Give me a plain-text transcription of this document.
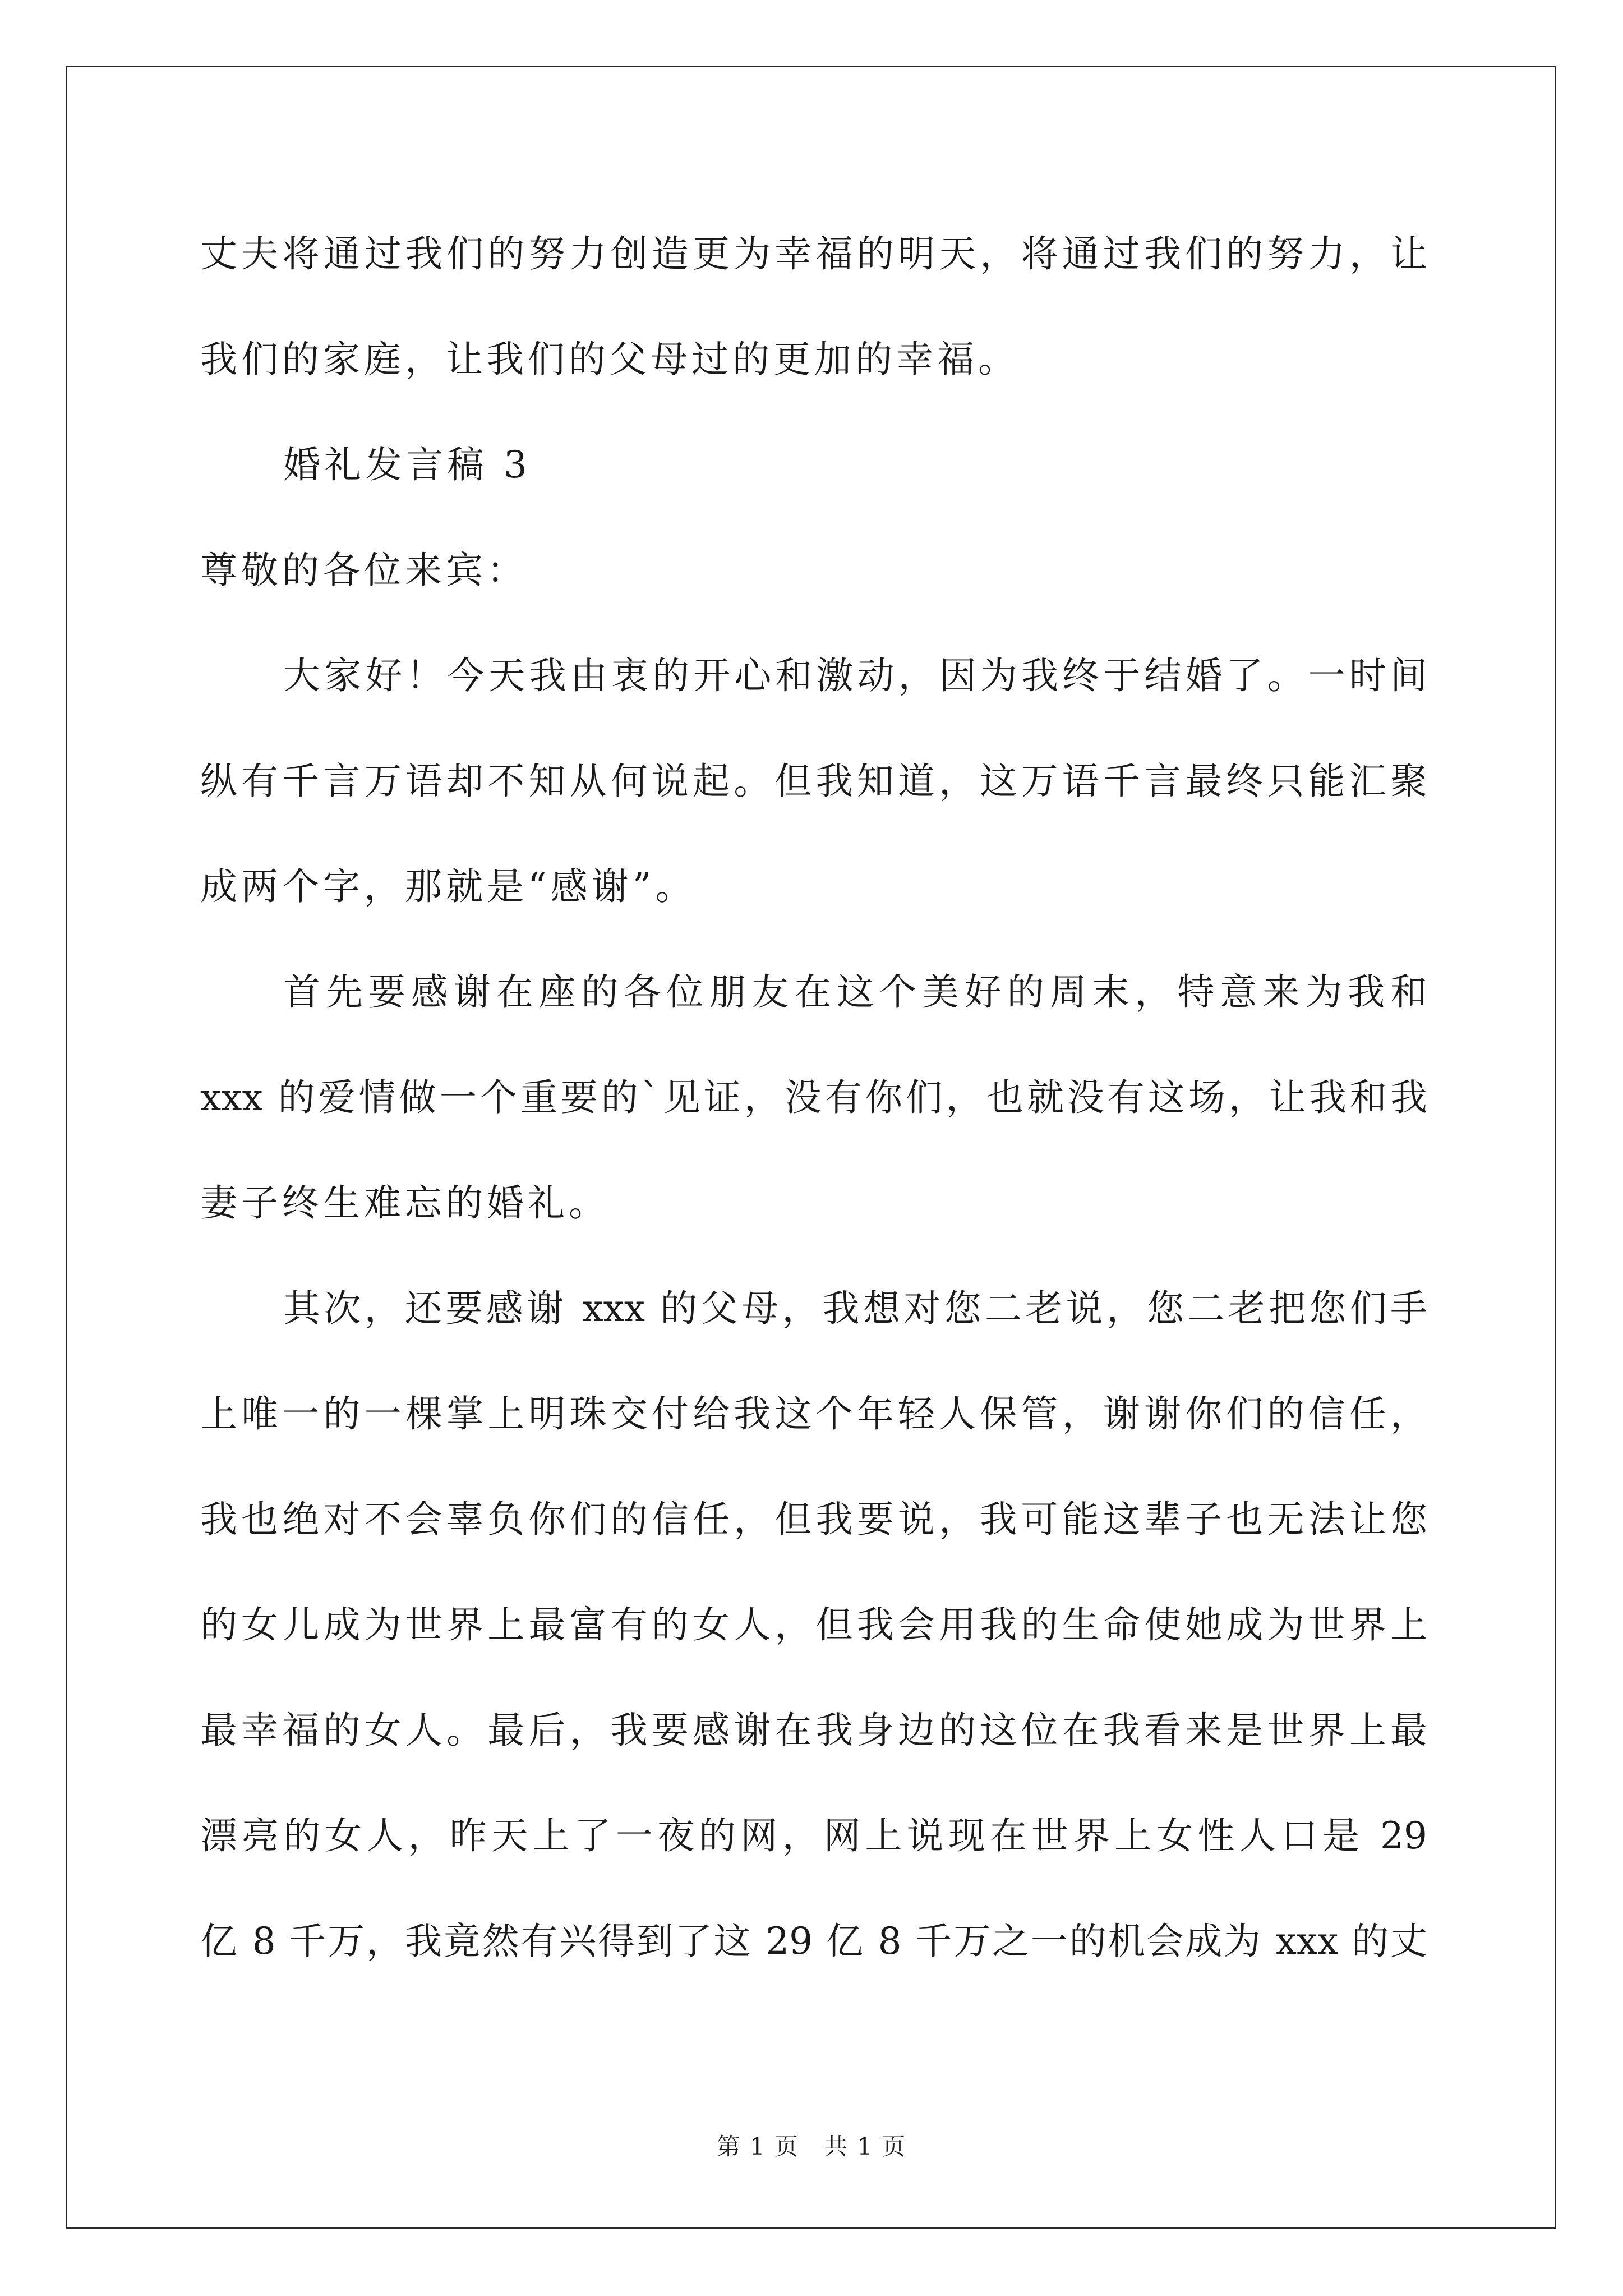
丈夫将通过我们的努力创造更为幸福的明天，将通过我们的努力，让
我们的家庭，让我们的父母过的更加的幸福。
婚礼发言稿 3
尊敬的各位来宾：
大家好！今天我由衷的开心和激动，因为我终于结婚了。一时间
纵有千言万语却不知从何说起。但我知道，这万语千言最终只能汇聚
成两个字，那就是“感谢”。
首先要感谢在座的各位朋友在这个美好的周末，特意来为我和
xxx 的爱情做一个重要的`见证，没有你们，也就没有这场，让我和我
妻子终生难忘的婚礼。
其次，还要感谢 xxx 的父母，我想对您二老说，您二老把您们手
上唯一的一棵掌上明珠交付给我这个年轻人保管，谢谢你们的信任，
我也绝对不会辜负你们的信任，但我要说，我可能这辈子也无法让您
的女儿成为世界上最富有的女人，但我会用我的生命使她成为世界上
最幸福的女人。最后，我要感谢在我身边的这位在我看来是世界上最
漂亮的女人，昨天上了一夜的网，网上说现在世界上女性人口是 29
亿 8 千万，我竟然有兴得到了这 29 亿 8 千万之一的机会成为 xxx 的丈
第 1 页　共 1 页
